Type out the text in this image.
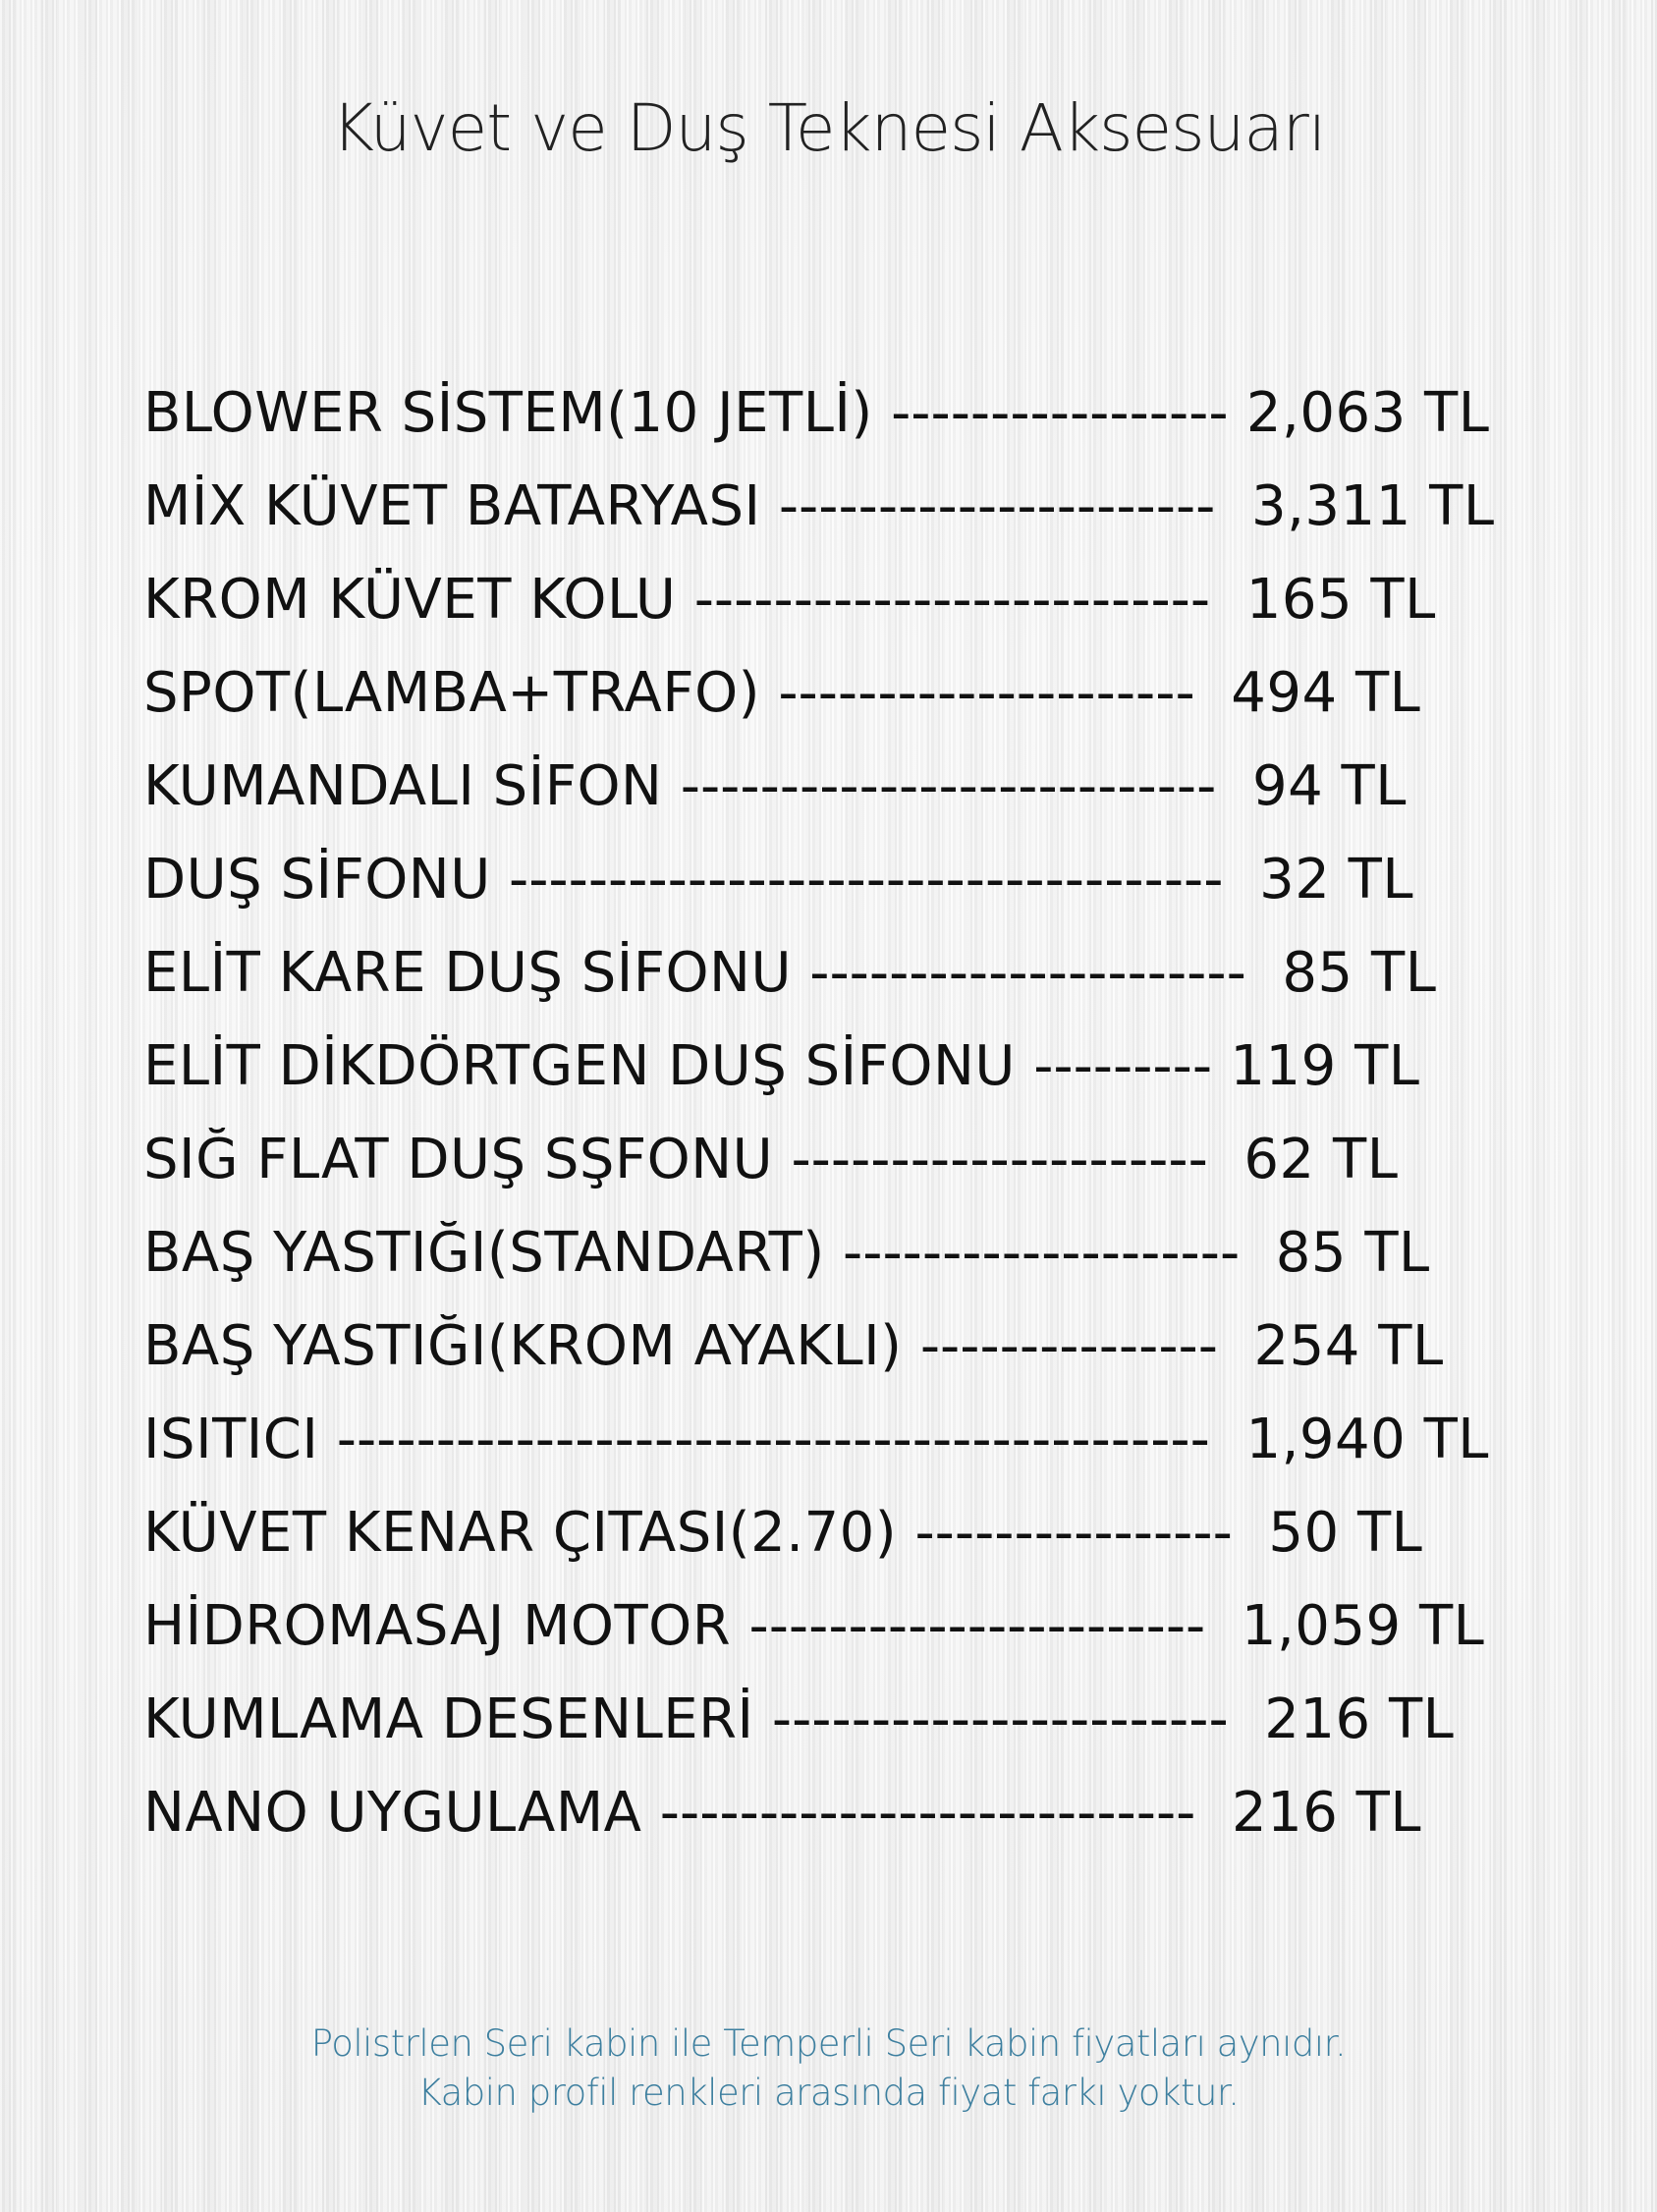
Küvet ve Duş Teknesi Aksesuarı
BLOWER SİSTEM(10 JETLİ) ----------------- 2,063 TL
MİX KÜVET BATARYASI ---------------------- 3,311 TL
KROM KÜVET KOLU -------------------------- 165 TL
SPOT(LAMBA+TRAFO) --------------------- 494 TL
KUMANDALI SİFON --------------------------- 94 TL
DUŞ SİFONU ------------------------------------ 32 TL
ELİT KARE DUŞ SİFONU ---------------------- 85 TL
ELİT DİKDÖRTGEN DUŞ SİFONU --------- 119 TL
SIĞ FLAT DUŞ SŞFONU --------------------- 62 TL
BAŞ YASTIĞI(STANDART) -------------------- 85 TL
BAŞ YASTIĞI(KROM AYAKLI) --------------- 254 TL
ISITICI -------------------------------------------- 1,940 TL
KÜVET KENAR ÇITASI(2.70) ---------------- 50 TL
HİDROMASAJ MOTOR ----------------------- 1,059 TL
KUMLAMA DESENLERİ ----------------------- 216 TL
NANO UYGULAMA --------------------------- 216 TL
Polistrlen Seri kabin ile Temperli Seri kabin fiyatları aynıdır.
Kabin profil renkleri arasında fiyat farkı yoktur.
